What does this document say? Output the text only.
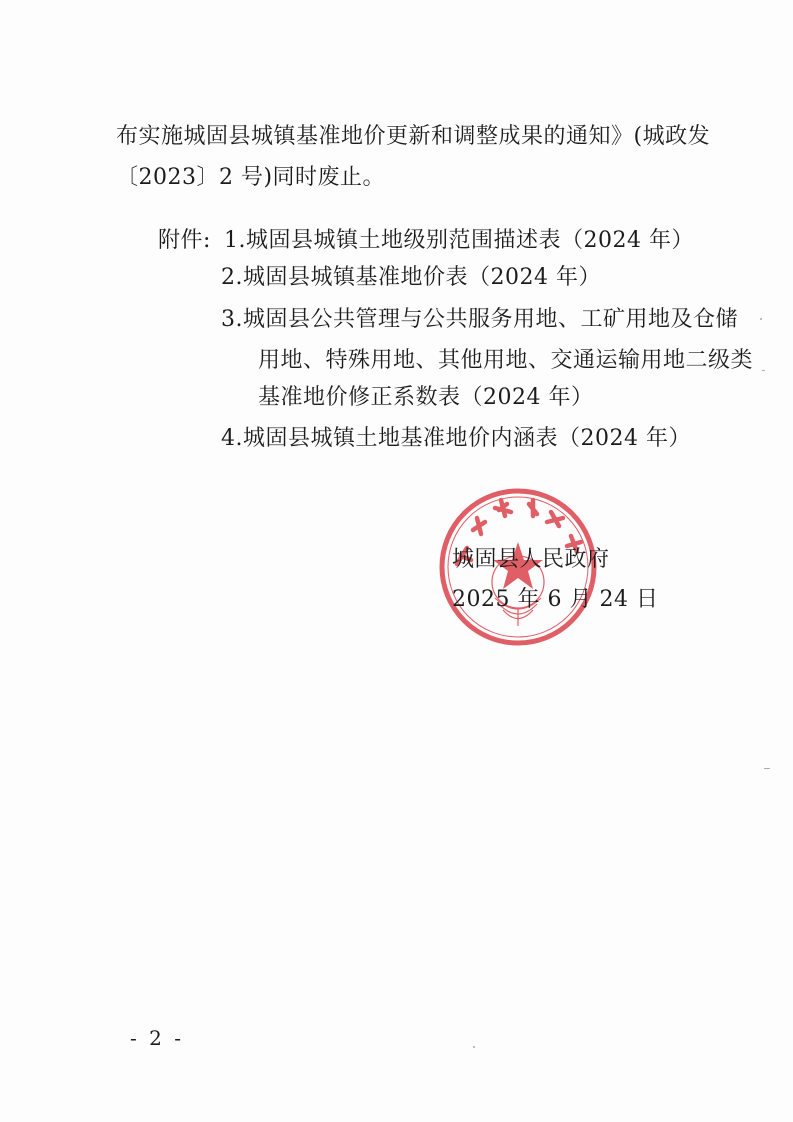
布实施城固县城镇基准地价更新和调整成果的通知》(城政发
〔2023〕2 号)同时废止。
附件: 1.城固县城镇土地级别范围描述表（2024 年）
2.城固县城镇基准地价表（2024 年）
3.城固县公共管理与公共服务用地、工矿用地及仓储
用地、特殊用地、其他用地、交通运输用地二级类
基准地价修正系数表（2024 年）
4.城固县城镇土地基准地价内涵表（2024 年）
城固县人民政府
2025 年 6 月 24 日
- 2 -
